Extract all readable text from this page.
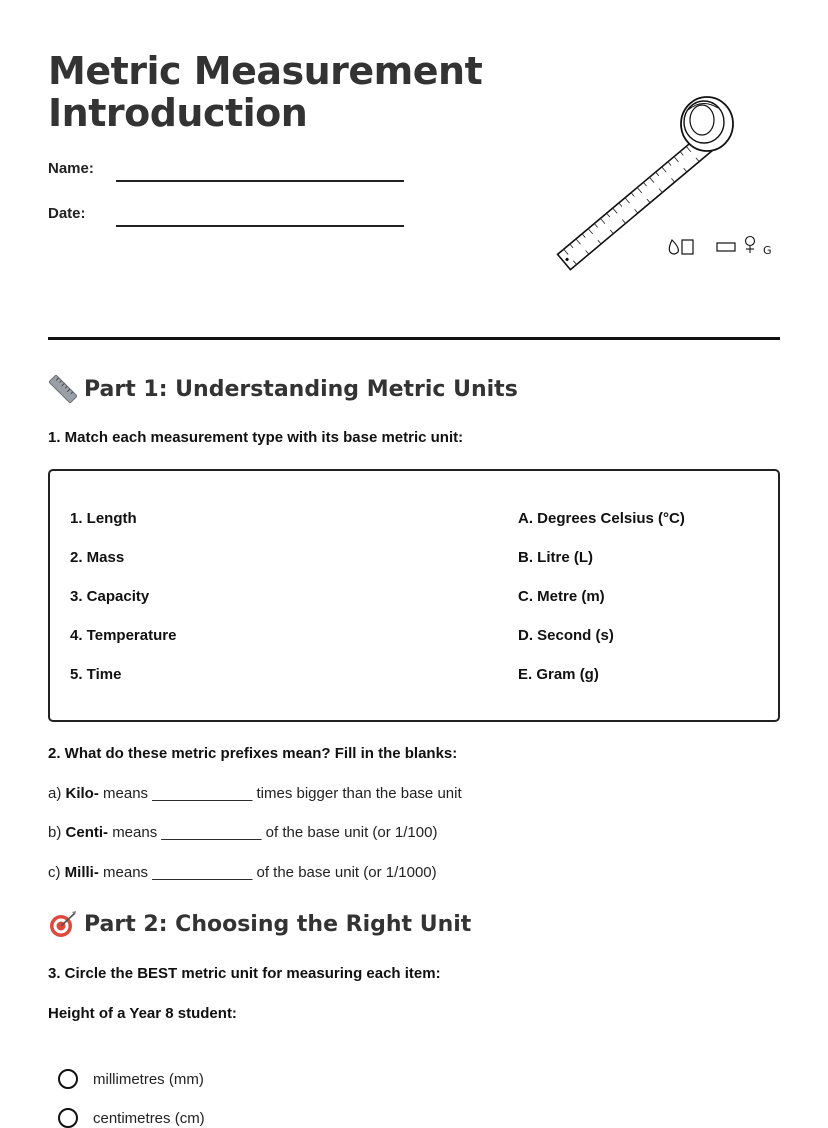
Metric Measurement
Introduction
Name:
Date:
G
Part 1: Understanding Metric Units
1. Match each measurement type with its base metric unit:
1. Length
2. Mass
3. Capacity
4. Temperature
5. Time
A. Degrees Celsius (°C)
B. Litre (L)
C. Metre (m)
D. Second (s)
E. Gram (g)
2. What do these metric prefixes mean? Fill in the blanks:
a) Kilo- means ____________ times bigger than the base unit
b) Centi- means ____________ of the base unit (or 1/100)
c) Milli- means ____________ of the base unit (or 1/1000)
Part 2: Choosing the Right Unit
3. Circle the BEST metric unit for measuring each item:
Height of a Year 8 student:
millimetres (mm)
centimetres (cm)
